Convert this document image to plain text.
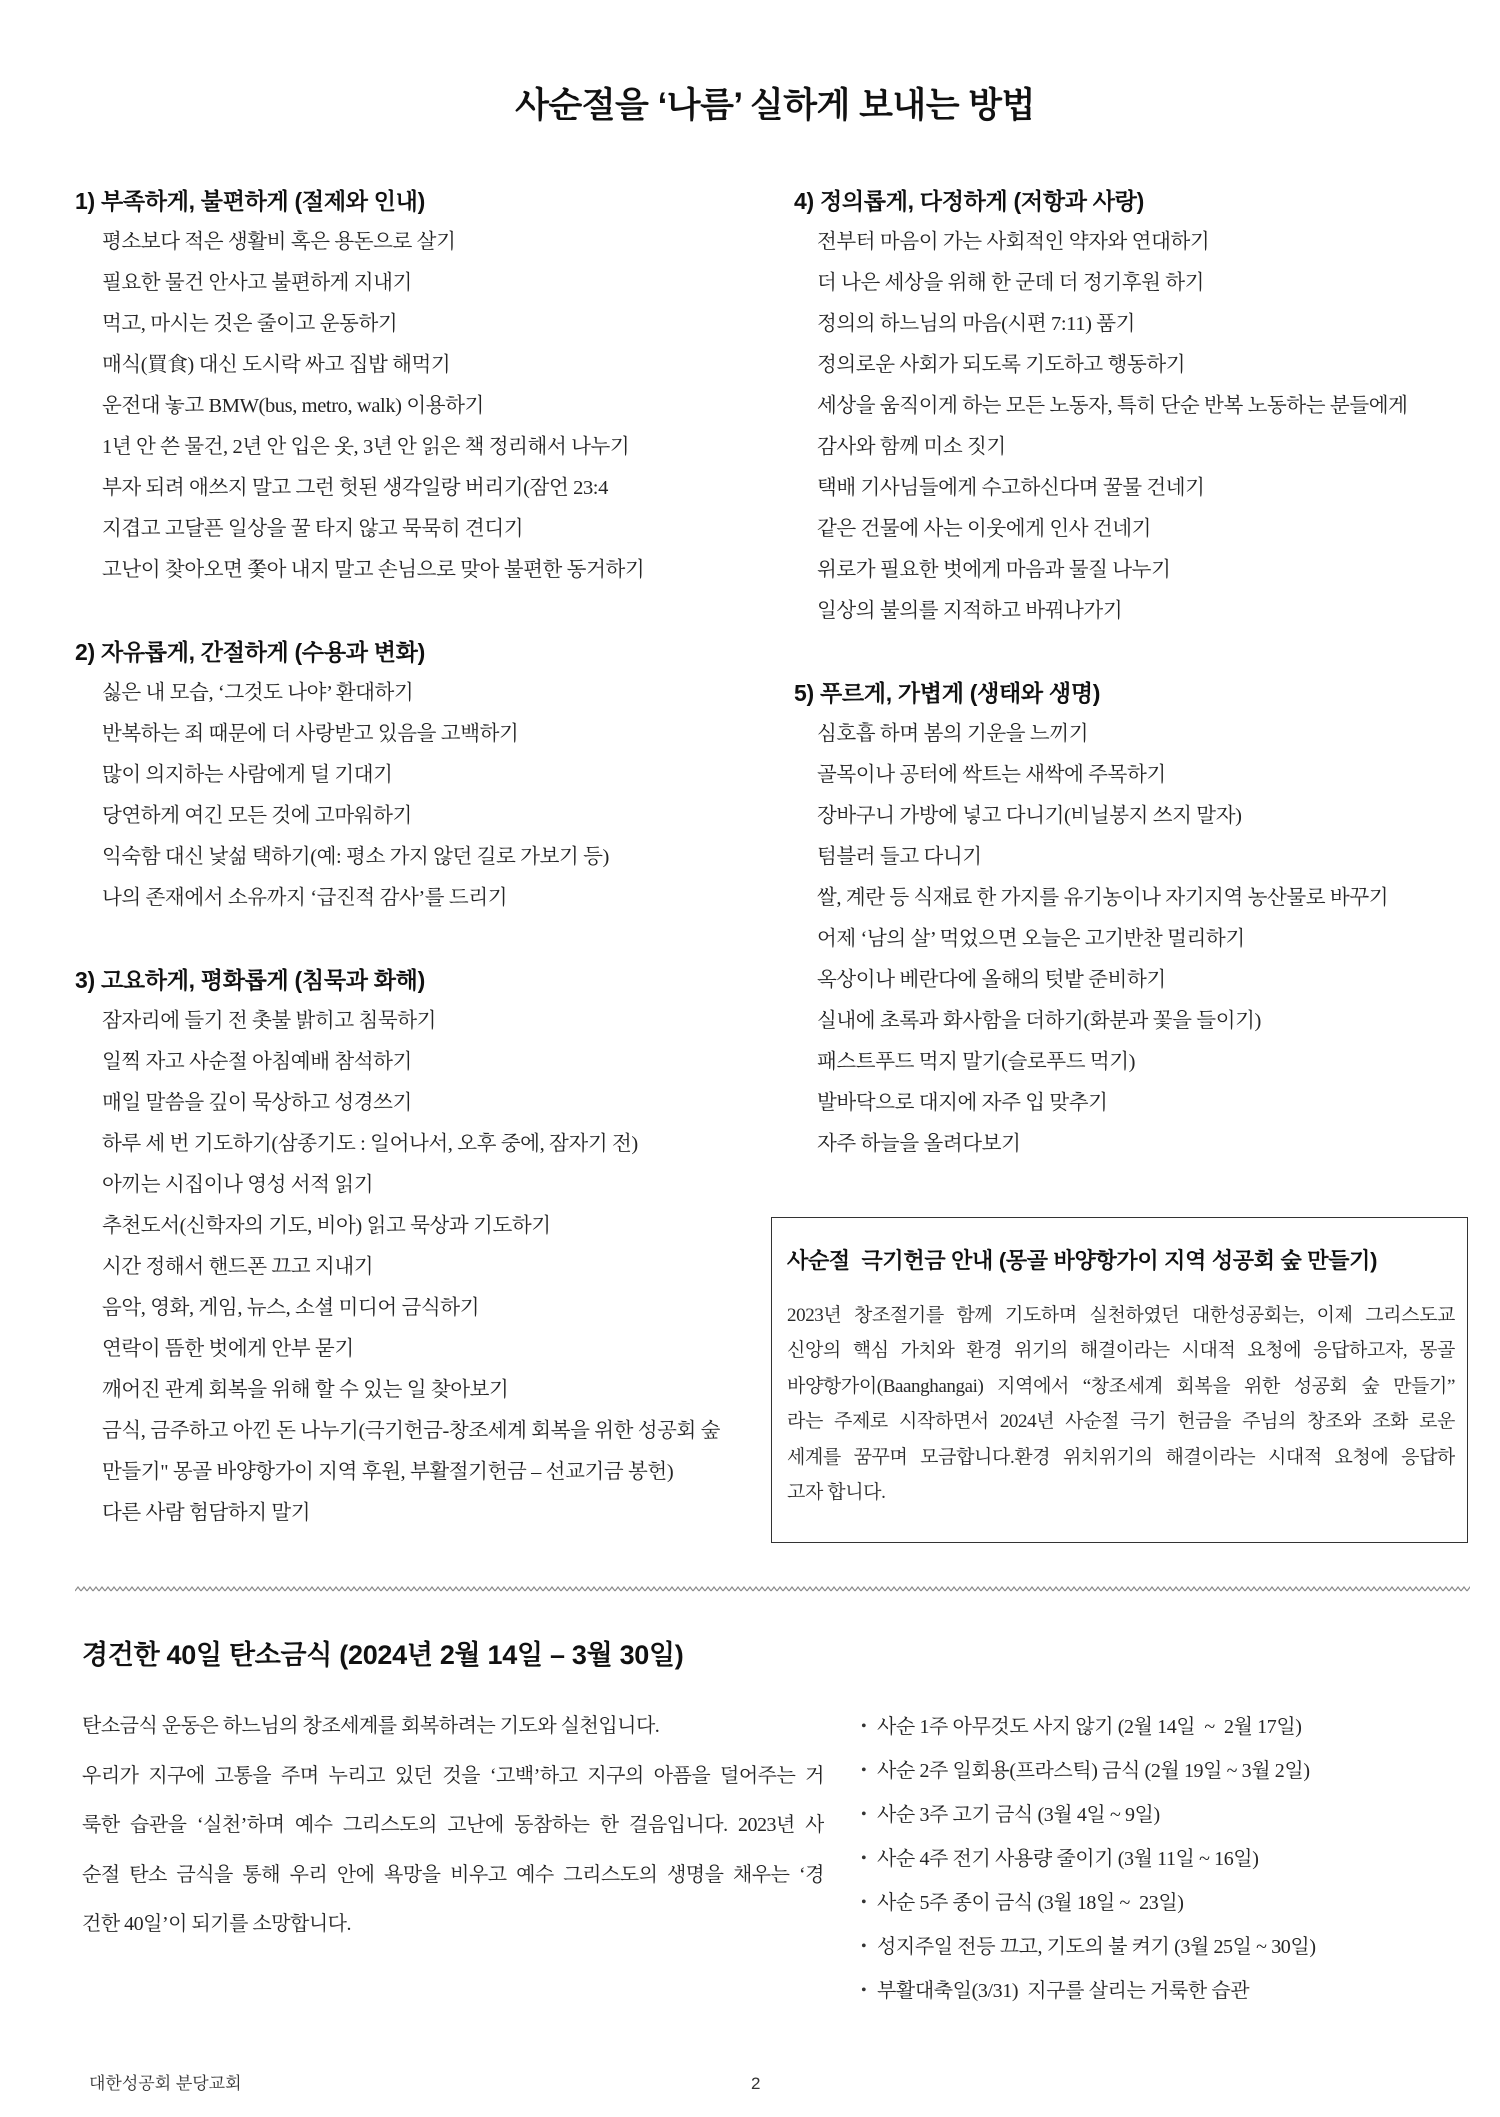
사순절을 ‘나름’ 실하게 보내는 방법
1) 부족하게, 불편하게 (절제와 인내)
평소보다 적은 생활비 혹은 용돈으로 살기
필요한 물건 안사고 불편하게 지내기
먹고, 마시는 것은 줄이고 운동하기
매식(買食) 대신 도시락 싸고 집밥 해먹기
운전대 놓고 BMW(bus, metro, walk) 이용하기
1년 안 쓴 물건, 2년 안 입은 옷, 3년 안 읽은 책 정리해서 나누기
부자 되려 애쓰지 말고 그런 헛된 생각일랑 버리기(잠언 23:4
지겹고 고달픈 일상을 꿀 타지 않고 묵묵히 견디기
고난이 찾아오면 쫓아 내지 말고 손님으로 맞아 불편한 동거하기
2) 자유롭게, 간절하게 (수용과 변화)
싫은 내 모습, ‘그것도 나야’ 환대하기
반복하는 죄 때문에 더 사랑받고 있음을 고백하기
많이 의지하는 사람에게 덜 기대기
당연하게 여긴 모든 것에 고마워하기
익숙함 대신 낯섦 택하기(예: 평소 가지 않던 길로 가보기 등)
나의 존재에서 소유까지 ‘급진적 감사’를 드리기
3) 고요하게, 평화롭게 (침묵과 화해)
잠자리에 들기 전 촛불 밝히고 침묵하기
일찍 자고 사순절 아침예배 참석하기
매일 말씀을 깊이 묵상하고 성경쓰기
하루 세 번 기도하기(삼종기도 : 일어나서, 오후 중에, 잠자기 전)
아끼는 시집이나 영성 서적 읽기
추천도서(신학자의 기도, 비아) 읽고 묵상과 기도하기
시간 정해서 핸드폰 끄고 지내기
음악, 영화, 게임, 뉴스, 소셜 미디어 금식하기
연락이 뜸한 벗에게 안부 묻기
깨어진 관계 회복을 위해 할 수 있는 일 찾아보기
금식, 금주하고 아낀 돈 나누기(극기헌금-창조세계 회복을 위한 성공회 숲
만들기" 몽골 바양항가이 지역 후원, 부활절기헌금 – 선교기금 봉헌)
다른 사람 험담하지 말기
4) 정의롭게, 다정하게 (저항과 사랑)
전부터 마음이 가는 사회적인 약자와 연대하기
더 나은 세상을 위해 한 군데 더 정기후원 하기
정의의 하느님의 마음(시편 7:11) 품기
정의로운 사회가 되도록 기도하고 행동하기
세상을 움직이게 하는 모든 노동자, 특히 단순 반복 노동하는 분들에게
감사와 함께 미소 짓기
택배 기사님들에게 수고하신다며 꿀물 건네기
같은 건물에 사는 이웃에게 인사 건네기
위로가 필요한 벗에게 마음과 물질 나누기
일상의 불의를 지적하고 바꿔나가기
5) 푸르게, 가볍게 (생태와 생명)
심호흡 하며 봄의 기운을 느끼기
골목이나 공터에 싹트는 새싹에 주목하기
장바구니 가방에 넣고 다니기(비닐봉지 쓰지 말자)
텀블러 들고 다니기
쌀, 계란 등 식재료 한 가지를 유기농이나 자기지역 농산물로 바꾸기
어제 ‘남의 살’ 먹었으면 오늘은 고기반찬 멀리하기
옥상이나 베란다에 올해의 텃밭 준비하기
실내에 초록과 화사함을 더하기(화분과 꽃을 들이기)
패스트푸드 먹지 말기(슬로푸드 먹기)
발바닥으로 대지에 자주 입 맞추기
자주 하늘을 올려다보기
사순절  극기헌금 안내 (몽골 바양항가이 지역 성공회 숲 만들기)
2023년 창조절기를 함께 기도하며 실천하였던 대한성공회는, 이제 그리스도교
신앙의 핵심 가치와 환경 위기의 해결이라는 시대적 요청에 응답하고자, 몽골
바양항가이(Baanghangai) 지역에서 “창조세계 회복을 위한 성공회 숲 만들기”
라는 주제로 시작하면서 2024년 사순절 극기 헌금을 주님의 창조와 조화 로운
세계를 꿈꾸며 모금합니다.환경 위치위기의 해결이라는 시대적 요청에 응답하
고자 합니다.
경건한 40일 탄소금식 (2024년 2월 14일 – 3월 30일)
탄소금식 운동은 하느님의 창조세계를 회복하려는 기도와 실천입니다.
우리가 지구에 고통을 주며 누리고 있던 것을 ‘고백’하고 지구의 아픔을 덜어주는 거
룩한 습관을 ‘실천’하며 예수 그리스도의 고난에 동참하는 한 걸음입니다. 2023년 사
순절 탄소 금식을 통해 우리 안에 욕망을 비우고 예수 그리스도의 생명을 채우는 ‘경
건한 40일’이 되기를 소망합니다.
• 사순 1주 아무것도 사지 않기 (2월 14일  ~  2월 17일)
• 사순 2주 일회용(프라스틱) 금식 (2월 19일 ~ 3월 2일)
• 사순 3주 고기 금식 (3월 4일 ~ 9일)
• 사순 4주 전기 사용량 줄이기 (3월 11일 ~ 16일)
• 사순 5주 종이 금식 (3월 18일 ~  23일)
• 성지주일 전등 끄고, 기도의 불 켜기 (3월 25일 ~ 30일)
• 부활대축일(3/31)  지구를 살리는 거룩한 습관
대한성공회 분당교회	2
